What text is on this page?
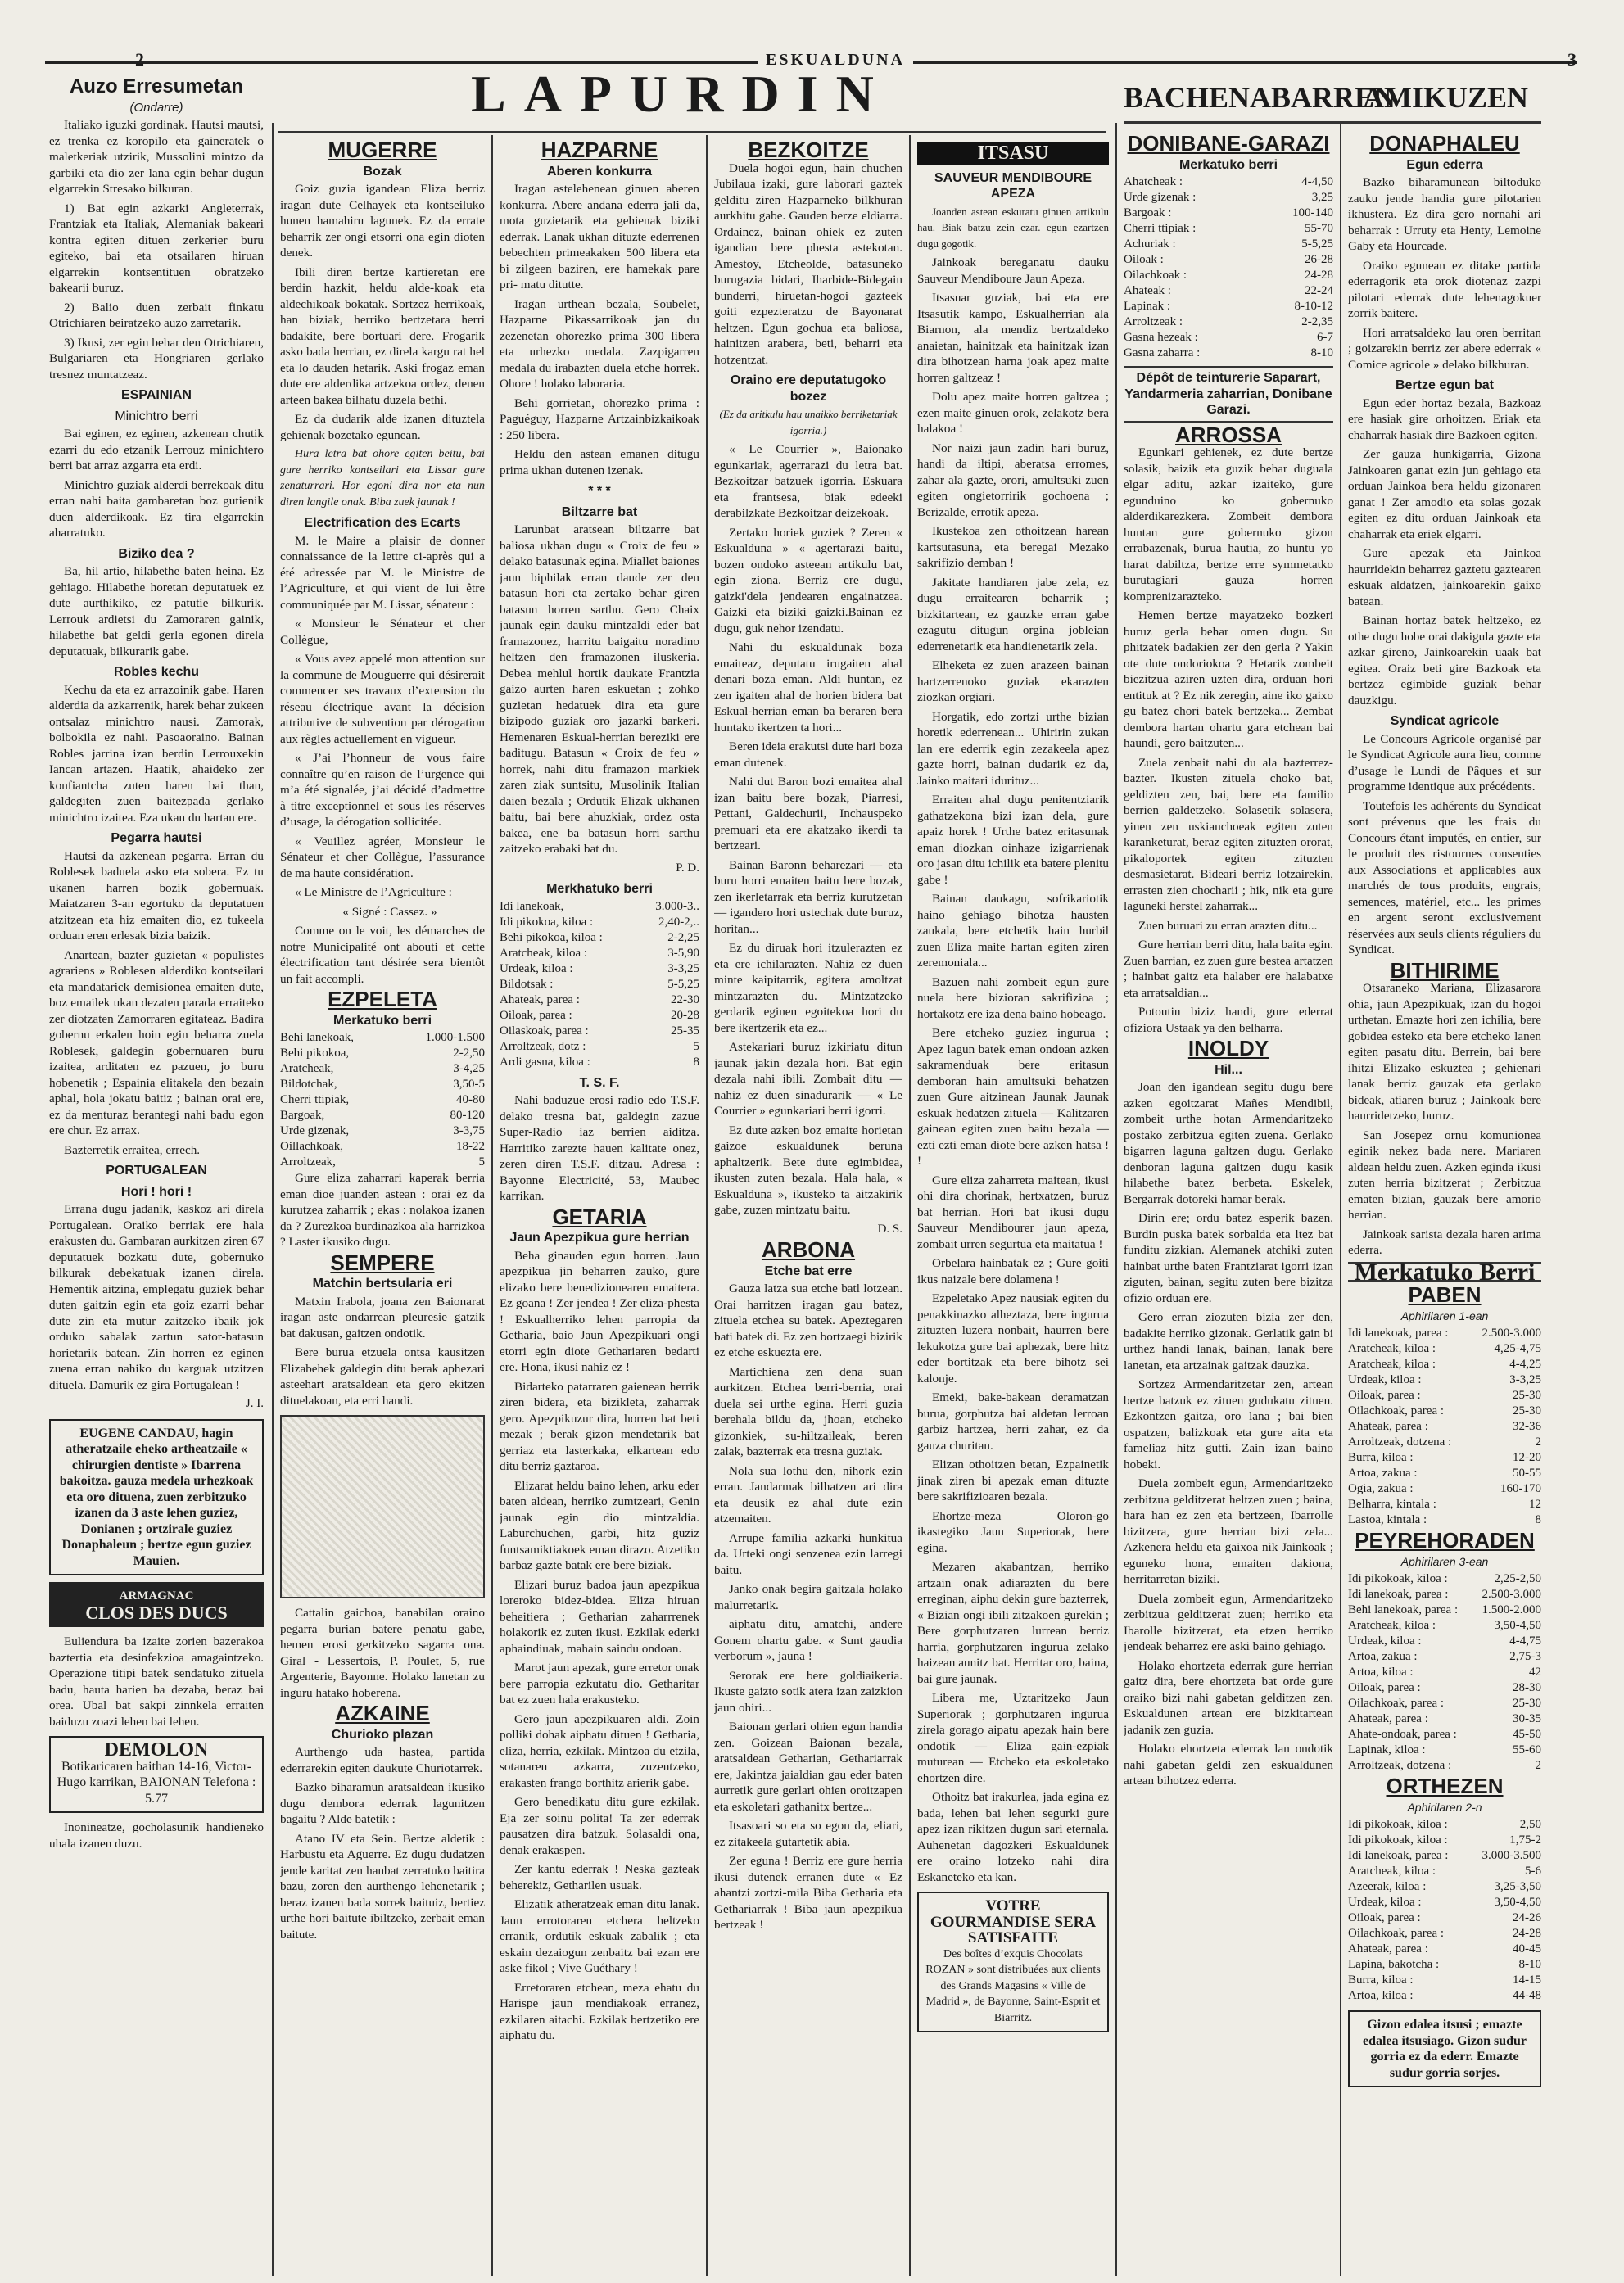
2	ESKUALDUNA	3
LAPURDIN	BACHENABARREN
AMIKUZEN
Auzo Erresumetan
(Ondarre)

Italiako iguzki gordinak. Hautsi mautsi, ez trenka ez koropilo eta gaineratek o maletkeriak utzirik, Mussolini mintzo da garbiki eta dio zer lana egin behar dugun elgarrekin Stresako bilkuran.

1) Bat egin azkarki Angleterrak, Frantziak eta Italiak, Alemaniak bakeari kontra egiten dituen zerkerier buru egiteko, bai eta otsailaren hiruan elgarrekin kontsentituen obratzeko bakearii buruz.

2) Balio duen zerbait finkatu Otrichiaren beiratzeko auzo zarretarik.

3) Ikusi, zer egin behar den Otrichiaren, Bulgariaren eta Hongriaren gerlako tresnez muntatzeaz.

ESPAINIAN
Minichtro berri

Bai eginen, ez eginen, azkenean chutik ezarri du edo etzanik Lerrouz minichtero berri bat arraz azgarra eta erdi.

Minichtro guziak alderdi berrekoak ditu erran nahi baita gambaretan boz gutienik duen alderdikoak. Ez tira elgarrekin aharratuko.

Biziko dea ?

Ba, hil artio, hilabethe baten heina. Ez gehiago. Hilabethe horetan deputatuek ez dute aurthikiko, ez patutie bilkurik. Lerrouk ardietsi du Zamoraren gainik, hilabethe bat geldi gerla egonen direla deputatuak, bilkurarik gabe.

Robles kechu

Kechu da eta ez arrazoinik gabe. Haren alderdia da azkarrenik, harek behar zukeen ontsalaz minichtro nausi. Zamorak, bolbokila ez nahi. Pasoaoraino. Bainan Robles jarrina izan berdin Lerrouxekin Iancan artazen. Haatik, ahaideko zer konfiantcha zuten haren bai than, galdegiten zuen baitezpada gerlako minichtro izaitea. Eza ukan du hartan ere.

Pegarra hautsi

Hautsi da azkenean pegarra. Erran du Roblesek baduela asko eta sobera. Ez tu ukanen harren bozik gobernuak. Maiatzaren 3-an egortuko da deputatuen atzitzean eta hiz emaiten dio, ez tukeela orduan eren erlesak bizia baizik.

Anartean, bazter guzietan « populistes agrariens » Roblesen alderdiko kontseilari eta mandatarick demisionea emaiten dute, boz emailek ukan dezaten parada erraiteko zer diotzaten Zamorraren egitateaz. Badira gobernu erkalen hoin egin beharra zuela Roblesek, galdegin gobernuaren buru izaitea, arditaten ez pazuen, jo buru hobenetik ; Espainia elitakela den bezain aphal, hola jokatu baitiz ; bainan orai ere, ez da menturaz berantegi nahi badu egon ere chur. Ez arrax.

Bazterretik erraitea, errech.

PORTUGALEAN
Hori ! hori !

Errana dugu jadanik, kaskoz ari direla Portugalean. Oraiko berriak ere hala erakusten du. Gambaran aurkitzen ziren 67 deputatuek bozkatu dute, gobernuko bilkurak debekatuak izanen direla. Hementik aitzina, emplegatu guziek behar duten gaitzin egin eta goiz ezarri behar dute zin eta mutur zaitzeko ibaik jok orduko sabalak zartun sator-batasun horietarik batean. Zin horren ez eginen zuena erran nahiko du karguak utzitzen dituela. Damurik ez gira Portugalean !

J. I.
EUGENE CANDAU, hagin atheratzaile eheko artheatzaile « chirurgien dentiste » Ibarrena bakoitza. gauza medela urhezkoak eta oro dituena, zuen zerbitzuko izanen da 3 aste lehen guziez, Donianen ; ortzirale guziez Donaphaleun ; bertze egun guziez Mauien.
ARMAGNAC
CLOS DES DUCS

Euliendura ba izaite zorien bazerakoa baztertia eta desinfekzioa amagaintzeko. Operazione titipi batek sendatuko zituela badu, hauta harien ba dezaba, beraz bai orea. Ubal bat sakpi zinnkela erraiten baiduzu zoazi lehen bai lehen.

DEMOLON
Botikaricaren baithan 14-16, Victor-Hugo karrikan, BAIONAN Telefona : 5.77

Inonineatze, gocholasunik handieneko uhala izanen duzu.

MUGERRE
Bozak

Goiz guzia igandean Eliza berriz iragan dute Celhayek eta kontseiluko hunen hamahiru lagunek. Ez da errate beharrik zer ongi etsorri ona egin dioten denek.

Ibili diren bertze kartieretan ere berdin hazkit, heldu alde-koak eta aldechikoak bokatak. Sortzez herrikoak, han biziak, herriko bertzetara herri badakite, bere bortuari dere. Frogarik asko bada herrian, ez direla kargu rat hel eta lo dauden hetarik. Aski frogaz eman dute ere alderdika artzekoa ordez, denen arteen bakea bilhatu duzela bethi.

Ez da dudarik alde izanen dituztela gehienak bozetako egunean.

Hura letra bat ohore egiten beitu, bai gure herriko kontseilari eta Lissar gure zenaturrari. Hor egoni dira nor eta nun diren langile onak. Biba zuek jaunak !

Electrification des Ecarts

M. le Maire a plaisir de donner connaissance de la lettre ci-après qui a été adressée par M. le Ministre de l’Agriculture, et qui vient de lui être communiquée par M. Lissar, sénateur :

« Monsieur le Sénateur et cher Collègue,

« Vous avez appelé mon attention sur la commune de Mouguerre qui désirerait commencer ses travaux d’extension du réseau électrique avant la décision attributive de subvention par dérogation aux règles actuellement en vigueur.

« J’ai l’honneur de vous faire connaître qu’en raison de l’urgence qui m’a été signalée, j’ai décidé d’admettre à titre exceptionnel et sous les réserves d’usage, la dérogation sollicitée.

« Veuillez agréer, Monsieur le Sénateur et cher Collègue, l’assurance de ma haute considération.

« Le Ministre de l’Agriculture :

« Signé : Cassez. »

Comme on le voit, les démarches de notre Municipalité ont abouti et cette électrification tant désirée sera bientôt un fait accompli.

EZPELETA
Merkatuko berri
Behi lanekoak,	1.000-1.500
Behi pikokoa,	2-2,50
Aratcheak,	3-4,25
Bildotchak,	3,50-5
Cherri ttipiak,	40-80
Bargoak,	80-120
Urde gizenak,	3-3,75
Oillachkoak,	18-22
Arroltzeak,	5

Gure eliza zaharrari kaperak berria eman dioe juanden astean : orai ez da kurutzea zaharrik ; ekas : nolakoa izanen da ? Zurezkoa burdinazkoa ala harrizkoa ? Laster ikusiko dugu.

SEMPERE
Matchin bertsularia eri

Matxin Irabola, joana zen Baionarat iragan aste ondarrean pleuresie gatzik bat dakusan, gaitzen ondotik.

Bere burua etzuela ontsa kausitzen Elizabehek galdegin ditu berak aphezari asteehart aratsaldean eta gero ekitzen dituelakoan, eta erri handi.

Cattalin gaichoa, banabilan oraino pegarra burian batere penatu gabe, hemen erosi gerkitzeko sagarra ona. Giral - Lessertois, P. Poulet, 5, rue Argenterie, Bayonne. Holako lanetan zu inguru hatako hoberena.

AZKAINE
Churioko plazan

Aurthengo uda hastea, partida ederrarekin egiten daukute Churiotarrek.

Bazko biharamun aratsaldean ikusiko dugu dembora ederrak lagunitzen bagaitu ? Alde batetik :

Atano IV eta Sein. Bertze aldetik : Harbustu eta Aguerre. Ez dugu dudatzen jende karitat zen hanbat zerratuko baitira bazu, zoren den aurthengo lehenetarik ; beraz izanen bada sorrek baituiz, bertiez urthe hori baitute ibiltzeko, zerbait eman baitute.

HAZPARNE
Aberen konkurra

Iragan astelehenean ginuen aberen konkurra. Abere andana ederra jali da, mota guzietarik eta gehienak biziki ederrak. Lanak ukhan dituzte ederrenen bebechten primeakaken 500 libera eta bi zilgeen baziren, ere hamekak pare pri- matu ditutte.

Iragan urthean bezala, Soubelet, Hazparne Pikassarrikoak jan du zezenetan ohorezko prima 300 libera eta urhezko medala. Zazpigarren medala du irabazten duela etche horrek. Ohore ! holako laboraria.

Behi gorrietan, ohorezko prima : Paguéguy, Hazparne Artzainbizkaikoak : 250 libera.

Heldu den astean emanen ditugu prima ukhan dutenen izenak.

* * *
Biltzarre bat

Larunbat aratsean biltzarre bat baliosa ukhan dugu « Croix de feu » delako batasunak egina. Miallet baiones jaun biphilak erran daude zer den batasun hori eta zertako behar giren batasun horren sarthu. Gero Chaix jaunak egin dauku mintzaldi eder bat framazonez, harritu baigaitu noradino heltzen den framazonen iluskeria. Debea mehlul hortik daukate Frantzia gaizo aurten haren eskuetan ; zohko guzietan hedatuek dira eta gure bizipodo guziak oro jazarki barkeri. Hemenaren Eskual-herrian bereziki ere baditugu. Batasun « Croix de feu » horrek, nahi ditu framazon markiek zaren ziak suntsitu, Musolinik Italian daien bezala ; Ordutik Elizak ukhanen baitu, bai bere ahuzkiak, ordez osta bakea, ene ba batasun horri sarthu zaitzeko erabaki bat du.

P. D.
Merkhatuko berri
Idi lanekoak,	3.000-3..
Idi pikokoa, kiloa :	2,40-2,..
Behi pikokoa, kiloa :	2-2,25
Aratcheak, kiloa :	3-5,90
Urdeak, kiloa :	3-3,25
Bildotsak :	5-5,25
Ahateak, parea :	22-30
Oiloak, parea :	20-28
Oilaskoak, parea :	25-35
Arroltzeak, dotz :	5
Ardi gasna, kiloa :	8
T. S. F.

Nahi baduzue erosi radio edo T.S.F. delako tresna bat, galdegin zazue Super-Radio iaz berrien aiditza. Harritiko zarezte hauen kalitate onez, zeren diren T.S.F. ditzau. Adresa : Bayonne Electricité, 53, Maubec karrikan.

GETARIA
Jaun Apezpikua gure herrian

Beha ginauden egun horren. Jaun apezpikua jin beharren zauko, gure elizako bere benedizionearen emaitera. Ez goana ! Zer jendea ! Zer eliza-phesta ! Eskualherriko lehen parropia da Getharia, baio Jaun Apezpikuari ongi etorri egin diote Gethariaren bedarti ere. Hona, ikusi nahiz ez !

Bidarteko patarraren gaienean herrik ziren bidera, eta bizikleta, zaharrak gero. Apezpikuzur dira, horren bat beti mezak ; berak gizon mendetarik bat gerriaz eta lasterkaka, elkartean edo ditu berriz gaztaroa.

Elizarat heldu baino lehen, arku eder baten aldean, herriko zumtzeari, Genin jaunak egin dio mintzaldia. Laburchuchen, garbi, hitz guziz funtsamiktiakoek eman dirazo. Atzetiko barbaz gazte batak ere bere biziak.

Elizari buruz badoa jaun apezpikua loreroko bidez-bidea. Eliza hiruan beheitiera ; Getharian zaharrrenek holakorik ez zuten ikusi. Ezkilak ederki aphaindiuak, mahain saindu ondoan.

Marot jaun apezak, gure erretor onak bere parropia ezkutatu dio. Getharitar bat ez zuen hala erakusteko.

Gero jaun apezpikuaren aldi. Zoin polliki dohak aiphatu dituen ! Getharia, eliza, herria, ezkilak. Mintzoa du etzila, sotanaren azkarra, zuzentzeko, erakasten frango borthitz arierik gabe.

Gero benedikatu ditu gure ezkilak. Eja zer soinu polita! Ta zer ederrak pausatzen dira batzuk. Solasaldi ona, denak erakaspen.

Zer kantu ederrak ! Neska gazteak beherekiz, Getharilen usuak.

Elizatik atheratzeak eman ditu lanak. Jaun errotoraren etchera heltzeko erranik, ordutik eskuak zabalik ; eta eskain dezaiogun zenbaitz bai ezan ere aske fikol ; Vive Guéthary !

Erretoraren etchean, meza ehatu du Harispe jaun mendiakoak erranez, ezkilaren aitachi. Ezkilak bertzetiko ere aiphatu du.

BEZKOITZE

Duela hogoi egun, hain chuchen Jubilaua izaki, gure laborari gaztek gelditu ziren Hazparneko bilkhuran aurkhitu gabe. Gauden berze eldiarra. Ordainez, bainan ohiek ez zuten igandian bere phesta astekotan. Amestoy, Etcheolde, batasuneko burugazia bidari, Iharbide-Bidegain bunderri, hiruetan-hogoi gazteek goiti ezpezteratzu de Bayonarat heltzen. Egun gochua eta baliosa, hainitzen arabera, beti, beharri eta hotzentzat.

Oraino ere deputatugoko bozez

(Ez da aritkulu hau unaikko berriketariak igorria.)

« Le Courrier », Baionako egunkariak, agerrarazi du letra bat. Bezkoitzar batzuek igorria. Eskuara eta frantsesa, biak edeeki derabilzkate Bezkoitzar deizekoak.

Zertako horiek guziek ? Zeren « Eskualduna » « agertarazi baitu, bozen ondoko asteean artikulu bat, egin ziona. Berriz ere dugu, gaizki'dela jendearen engainatzea. Gaizki eta biziki gaizki.Bainan ez dugu, guk nehor izendatu.

Nahi du eskualdunak boza emaiteaz, deputatu irugaiten ahal denari boza eman. Aldi huntan, ez zen igaiten ahal de horien bidera bat Eskual-herrian eman ba beraren bera huntako ikertzen ta hori...

Beren ideia erakutsi dute hari boza eman dutenek.

Nahi dut Baron bozi emaitea ahal izan baitu bere bozak, Piarresi, Pettani, Galdechurii, Inchauspeko premuari eta ere akatzako ikerdi ta bertzeari.

Bainan Baronn beharezari — eta buru horri emaiten baitu bere bozak, zen ikerletarrak eta berriz kurutzetan — igandero hori ustechak dute buruz, horitan...

Ez du diruak hori itzulerazten ez eta ere ichilarazten. Nahiz ez duen minte kaipitarrik, egitera amoltzat mintzarazten du. Mintzatzeko gerdarik eginen egoitekoa hori du bere ikertzerik eta ez...

Astekariari buruz izkiriatu ditun jaunak jakin dezala hori. Bat egin dezala nahi ibili. Zombait ditu — nahiz ez duen sinadurarik — « Le Courrier » egunkariari berri igorri.

Ez dute azken boz emaite horietan gaizoe eskualdunek beruna aphaltzerik. Bete dute egimbidea, ikusten zuten bezala. Hala hala, « Eskualduna », ikusteko ta aitzakirik gabe, zuzen mintzatu baitu.

D. S.
ARBONA
Etche bat erre

Gauza latza sua etche batl lotzean. Orai harritzen iragan gau batez, zituela etchea su batek. Apeztegaren bati batek di. Ez zen bortzaegi bizirik ez etche eskuezta ere.

Martichiena zen dena suan aurkitzen. Etchea berri-berria, orai duela sei urthe egina. Herri guzia berehala bildu da, jhoan, etcheko gizonkiek, su-hiltzaileak, beren zalak, bazterrak eta tresna guziak.

Nola sua lothu den, nihork ezin erran. Jandarmak bilhatzen ari dira eta deusik ez ahal dute ezin atzemaiten.

Arrupe familia azkarki hunkitua da. Urteki ongi senzenea ezin larregi baitu.

Janko onak begira gaitzala holako malurretarik.

aiphatu ditu, amatchi, andere Gonem ohartu gabe. « Sunt gaudia verborum », jauna !

Serorak ere bere goldiaikeria. Ikuste gaizto sotik atera izan zaizkion jaun ohiri...

Baionan gerlari ohien egun handia zen. Goizean Baionan bezala, aratsaldean Getharian, Gethariarrak ere, Jakintza jaialdian gau eder baten aurretik gure gerlari ohien oroitzapen eta eskoletari gathanitx bertze...

Itsasoari so eta so egon da, eliari, ez zitakeela gutartetik abia.

Zer eguna ! Berriz ere gure herria ikusi dutenek erranen dute « Ez ahantzi zortzi-mila Biba Getharia eta Gethariarrak ! Biba jaun apezpikua bertzeak !

ITSASU
SAUVEUR MENDIBOURE APEZA

Joanden astean eskuratu ginuen artikulu hau. Biak batzu zein ezar. egun ezartzen dugu gogotik.

Jainkoak bereganatu dauku Sauveur Mendiboure Jaun Apeza.

Itsasuar guziak, bai eta ere Itsasutik kampo, Eskualherrian ala Biarnon, ala mendiz bertzaldeko anaietan, hainitzak eta hainitzak izan dira bihotzean harna joak apez maite horren galtzeaz !

Dolu apez maite horren galtzea ; ezen maite ginuen orok, zelakotz bera halakoa !

Nor naizi jaun zadin hari buruz, handi da iltipi, aberatsa erromes, zahar ala gazte, orori, amultsuki zuen egiten ongietorririk gochoena ; Berizalde, errotik apeza.

Ikustekoa zen othoitzean harean kartsutasuna, eta beregai Mezako sakrifizio demban !

Jakitate handiaren jabe zela, ez dugu erraitearen beharrik ; bizkitartean, ez gauzke erran gabe ezagutu ditugun orgina jobleian ederrenetarik eta handienetarik zela.

Elheketa ez zuen arazeen bainan hartzerrenoko guziak ekarazten ziozkan orgiari.

Horgatik, edo zortzi urthe bizian horetik ederrenean... Uhiririn zukan lan ere ederrik egin zezakeela apez gazte horri, bainan dudarik ez da, Jainko maitari idurituz...

Erraiten ahal dugu penitentziarik gathatzekona bizi izan dela, gure apaiz horek ! Urthe batez eritasunak eman diozkan oinhaze izigarrienak oro jasan ditu ichilik eta batere plenitu gabe !

Bainan daukagu, sofrikariotik haino gehiago bihotza hausten zaukala, bere etchetik hain hurbil zuen Eliza maite hartan egiten ziren zeremoniala...

Bazuen nahi zombeit egun gure nuela bere bizioran sakrifizioa ; hortakotz ere iza dena baino hobeago.

Bere etcheko guziez ingurua ; Apez lagun batek eman ondoan azken sakramenduak bere eritasun demboran hain amultsuki behatzen zuen Gure aitzinean Jaunak Jaunak eskuak hedatzen zituela — Kalitzaren gainean egiten zuen baitu bezala — ezti ezti eman diote bere azken hatsa ! !

Gure eliza zaharreta maitean, ikusi ohi dira chorinak, hertxatzen, buruz bat herrian. Hori bat ikusi dugu Sauveur Mendibourer jaun apeza, zombait urren segurtua eta maitatua !

Orbelara hainbatak ez ; Gure goiti ikus naizale bere dolamena !

Ezpeletako Apez nausiak egiten du penakkinazko alheztaza, bere ingurua zituzten luzera nonbait, haurren bere lekukotza gure bai aphezak, bere hitz eder bortitzak eta bere bihotz sei kalonje.

Emeki, bake-bakean deramatzan burua, gorphutza bai aldetan lerroan garbiz hartzea, herri zahar, ez da gauza churitan.

Elizan othoitzen betan, Ezpainetik jinak ziren bi apezak eman dituzte bere sakrifizioaren bezala.

Ehortze-meza Oloron-go ikastegiko Jaun Superiorak, bere egina.

Mezaren akabantzan, herriko artzain onak adiarazten du bere erreginan, aiphu dekin gure bazterrek, « Bizian ongi ibili zitzakoen gurekin ; Bere gorphutzaren lurrean berriz harria, gorphutzaren ingurua zelako haizean aunitz bat. Herritar oro, baina, bai gure jaunak.

Libera me, Uztaritzeko Jaun Superiorak ; gorphutzaren ingurua zirela gorago aipatu apezak hain bere ondotik — Eliza gain-ezpiak muturean — Etcheko eta eskoletako ehortzen dire.

Othoitz bat irakurlea, jada egina ez bada, lehen bai lehen segurki gure apez izan rikitzen dugun sari eternala. Auhenetan dagozkeri Eskualdunek ere oraino lotzeko nahi dira Eskaneteko eta kan.

VOTRE GOURMANDISE SERA SATISFAITE
Des boîtes d’exquis Chocolats ROZAN » sont distribuées aux clients des Grands Magasins « Ville de Madrid », de Bayonne, Saint-Esprit et Biarritz.
DONIBANE-GARAZI
Merkatuko berri
Ahatcheak :	4-4,50
Urde gizenak :	3,25
Bargoak :	100-140
Cherri ttipiak :	55-70
Achuriak :	5-5,25
Oiloak :	26-28
Oilachkoak :	24-28
Ahateak :	22-24
Lapinak :	8-10-12
Arroltzeak :	2-2,35
Gasna hezeak :	6-7
Gasna zaharra :	8-10
Dépôt de teinturerie Saparart, Yandarmeria zaharrian, Donibane Garazi.
ARROSSA

Egunkari gehienek, ez dute bertze solasik, baizik eta guzik behar duguala elgar aditu, azkar izaiteko, gure egunduino ko gobernuko alderdikarezkera. Zombeit dembora huntan gure gobernuko gizon errabazenak, burua hautia, zo huntu yo harat dabiltza, bertze erre symmetatko burutagiari gauza horren komprenizarazteko.

Hemen bertze mayatzeko bozkeri buruz gerla behar omen dugu. Su phitzatek badakien zer den gerla ? Yakin ote dute ondoriokoa ? Hetarik zombeit biezitzua aziren uzten dira, orduan hori entituk at ? Ez nik zeregin, aine iko gaixo gu batez chori batek bertzeka... Zembat dembora hartan ohartu gara etchean bai haundi, gero baitzuten...

Zuela zenbait nahi du ala bazterrez-bazter. Ikusten zituela choko bat, geldizten zen, bai, bere eta familio berrien galdetzeko. Solasetik solasera, yinen zen uskianchoeak egiten zuten karanketurat, beraz egiten zituzten ororat, pikaloportek egiten zituzten desmasietarat. Bideari berriz lotzairekin, errasten zien chocharii ; hik, nik eta gure laguneki herstel zaharrak...

Zuen buruari zu erran arazten ditu...

Gure herrian berri ditu, hala baita egin. Zuen barrian, ez zuen gure bestea artatzen ; hainbat gaitz eta halaber ere halabatxe eta arratsaldian...

Potoutin biziz handi, gure ederrat ofiziora Ustaak ya den belharra.

INOLDY
Hil...

Joan den igandean segitu dugu bere azken egoitzarat Mañes Mendibil, zombeit urthe hotan Armendaritzeko postako zerbitzua egiten zuena. Gerlako bigarren laguna galtzen dugu. Gerlako denboran laguna galtzen dugu kasik hilabethe batez berbeta. Eskelek, Bergarrak dotoreki hamar berak.

Dirin ere; ordu batez esperik bazen. Burdin puska batek sorbalda eta ltez bat funditu zizkian. Alemanek atchiki zuten hainbat urthe baten Frantziarat igorri izan ziguten, bainan, segitu zuten bere bizitza ofizio orduan ere.

Gero erran ziozuten bizia zer den, badakite herriko gizonak. Gerlatik gain bi urthez handi lanak, bainan, lanak bere lanetan, eta artzainak gaitzak dauzka.

Sortzez Armendaritzetar zen, artean bertze batzuk ez zituen gudukatu zituen. Ezkontzen gaitza, oro lana ; bai bien ospatzen, balizkoak eta gure aita eta fameliaz hitz gutti. Zain izan baino hobeki.

Duela zombeit egun, Armendaritzeko zerbitzua gelditzerat heltzen zuen ; baina, hara han ez zen eta bertzeen, Ibarrolle bizitzera, gure herrian bizi zela... Azkenera heldu eta gaixoa nik Jainkoak ; eguneko hona, emaiten dakiona, herritarretan biziki.

Duela zombeit egun, Armendaritzeko zerbitzua gelditzerat zuen; herriko eta Ibarolle bizitzerat, eta etzen herriko jendeak beharrez ere aski baino gehiago.

Holako ehortzeta ederrak gure herrian gaitz dira, bere ehortzeta bat orde gure oraiko bizi nahi gabetan gelditzen zen. Eskualdunen artean ere bizkitartean jadanik zen guzia.

Holako ehortzeta ederrak lan ondotik nahi gabetan geldi zen eskualdunen artean bihotzez ederra.

DONAPHALEU
Egun ederra

Bazko biharamunean biltoduko zauku jende handia gure pilotarien ikhustera. Ez dira gero nornahi ari beharrak : Urruty eta Henty, Lemoine Gaby eta Hourcade.

Oraiko egunean ez ditake partida ederragorik eta orok diotenaz zazpi pilotari ederrak dute lehenagokuer zorrik baitere.

Hori arratsaldeko lau oren berritan ; goizarekin berriz zer abere ederrak « Comice agricole » delako bilkhuran.

Bertze egun bat

Egun eder hortaz bezala, Bazkoaz ere hasiak gire orhoitzen. Eriak eta chaharrak hasiak dire Bazkoen egiten.

Zer gauza hunkigarria, Gizona Jainkoaren ganat ezin jun gehiago eta orduan Jainkoa bera heldu gizonaren ganat ! Zer amodio eta solas gozak egiten ez ditu orduan Jainkoak eta chaharrak eta eriek elgarri.

Gure apezak eta Jainkoa haurridekin beharrez gaztetu gaztearen eskuak aldatzen, jainkoarekin gaixo batean.

Bainan hortaz batek heltzeko, ez othe dugu hobe orai dakigula gazte eta azkar gireno, Jainkoarekin uaak bat egitea. Oraiz beti gire Bazkoak eta bertzez egimbide guziak behar dauzkigu.

Syndicat agricole

Le Concours Agricole organisé par le Syndicat Agricole aura lieu, comme d’usage le Lundi de Pâques et sur programme identique aux précédents.

Toutefois les adhérents du Syndicat sont prévenus que les frais du Concours étant imputés, en entier, sur le produit des ristournes consenties aux Associations et applicables aux marchés de tous produits, engrais, semences, matériel, etc... les primes en argent seront exclusivement réservées aux seuls clients réguliers du Syndicat.

BITHIRIME

Otsaraneko Mariana, Elizasarora ohia, jaun Apezpikuak, izan du hogoi urthetan. Emazte hori zen ichilia, bere gobidea esteko eta bere etcheko lanen egiten pasatu ditu. Berrein, bai bere ihitzi Elizako eskuztea ; gehienari lanak berriz gauzak eta gerlako bideak, atiaren buruz ; Jainkoak bere haurridetzeko, buruz.

San Josepez ornu komunionea eginik nekez bada nere. Mariaren aldean heldu zuen. Azken eginda ikusi zuten herria bizitzerat ; Zerbitzua ematen bizian, gauzak bere amorio herrian.

Jainkoak sarista dezala haren arima ederra.

Merkatuko Berri
PABEN
Aphirilaren 1-ean
Idi lanekoak, parea :	2.500-3.000
Aratcheak, kiloa :	4,25-4,75
Aratcheak, kiloa :	4-4,25
Urdeak, kiloa :	3-3,25
Oiloak, parea :	25-30
Oilachkoak, parea :	25-30
Ahateak, parea :	32-36
Arroltzeak, dotzena :	2
Burra, kiloa :	12-20
Artoa, zakua :	50-55
Ogia, zakua :	160-170
Belharra, kintala :	12
Lastoa, kintala :	8
PEYREHORADEN
Aphirilaren 3-ean
Idi pikokoak, kiloa :	2,25-2,50
Idi lanekoak, parea :	2.500-3.000
Behi lanekoak, parea :	1.500-2.000
Aratcheak, kiloa :	3,50-4,50
Urdeak, kiloa :	4-4,75
Artoa, zakua :	2,75-3
Artoa, kiloa :	42
Oiloak, parea :	28-30
Oilachkoak, parea :	25-30
Ahateak, parea :	30-35
Ahate-ondoak, parea :	45-50
Lapinak, kiloa :	55-60
Arroltzeak, dotzena :	2
ORTHEZEN
Aphirilaren 2-n
Idi pikokoak, kiloa :	2,50
Idi pikokoak, kiloa :	1,75-2
Idi lanekoak, parea :	3.000-3.500
Aratcheak, kiloa :	5-6
Azeerak, kiloa :	3,25-3,50
Urdeak, kiloa :	3,50-4,50
Oiloak, parea :	24-26
Oilachkoak, parea :	24-28
Ahateak, parea :	40-45
Lapina, bakotcha :	8-10
Burra, kiloa :	14-15
Artoa, kiloa :	44-48
Gizon edalea itsusi ; emazte edalea itsusiago. Gizon sudur gorria ez da ederr. Emazte sudur gorria sorjes.
